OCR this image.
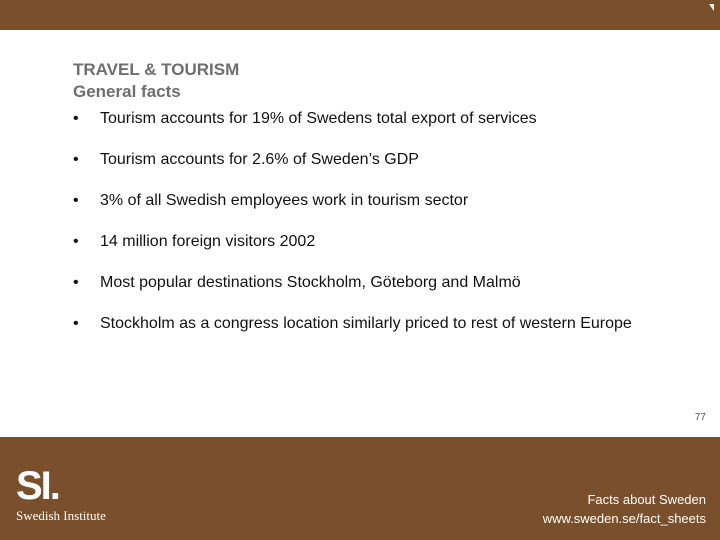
TRAVEL & TOURISM
General facts
•	Tourism accounts for 19% of Swedens total export of services
•	Tourism accounts for 2.6% of Sweden’s GDP
•	3% of all Swedish employees work in tourism sector
•	14 million foreign visitors 2002
•	Most popular destinations Stockholm, Göteborg and Malmö
•	Stockholm as a congress location similarly priced to rest of western Europe
77
SI.
Swedish Institute
Facts about Sweden
www.sweden.se/fact_sheets
